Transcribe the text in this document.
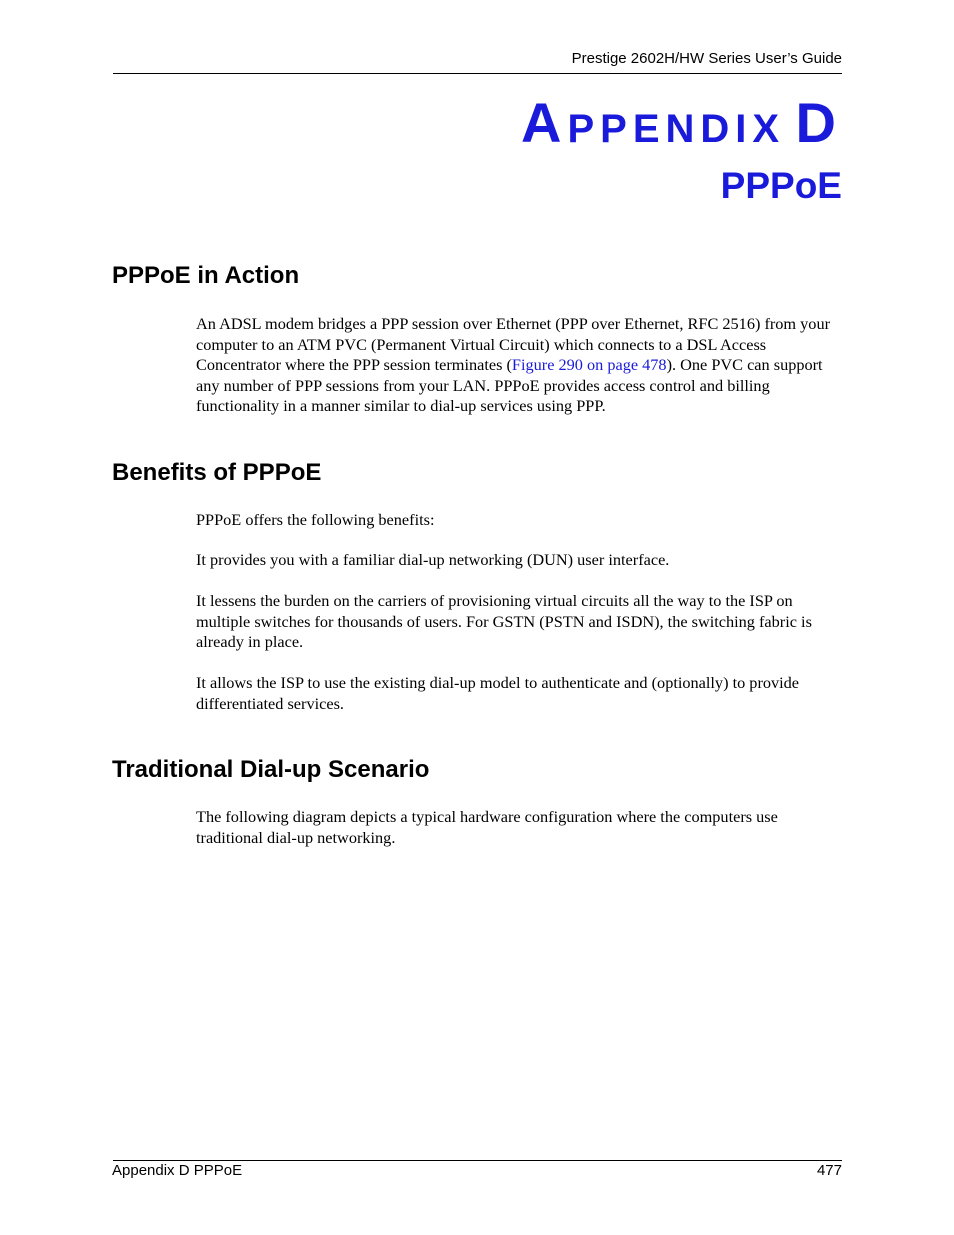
Prestige 2602H/HW Series User’s Guide
APPENDIX D
PPPoE
PPPoE in Action

An ADSL modem bridges a PPP session over Ethernet (PPP over Ethernet, RFC 2516) from your computer to an ATM PVC (Permanent Virtual Circuit) which connects to a DSL Access Concentrator where the PPP session terminates (Figure 290 on page 478). One PVC can support any number of PPP sessions from your LAN. PPPoE provides access control and billing functionality in a manner similar to dial-up services using PPP.

Benefits of PPPoE

PPPoE offers the following benefits:

It provides you with a familiar dial-up networking (DUN) user interface.

It lessens the burden on the carriers of provisioning virtual circuits all the way to the ISP on multiple switches for thousands of users. For GSTN (PSTN and ISDN), the switching fabric is already in place.

It allows the ISP to use the existing dial-up model to authenticate and (optionally) to provide differentiated services.

Traditional Dial-up Scenario

The following diagram depicts a typical hardware configuration where the computers use traditional dial-up networking.

Appendix D PPPoE	477
